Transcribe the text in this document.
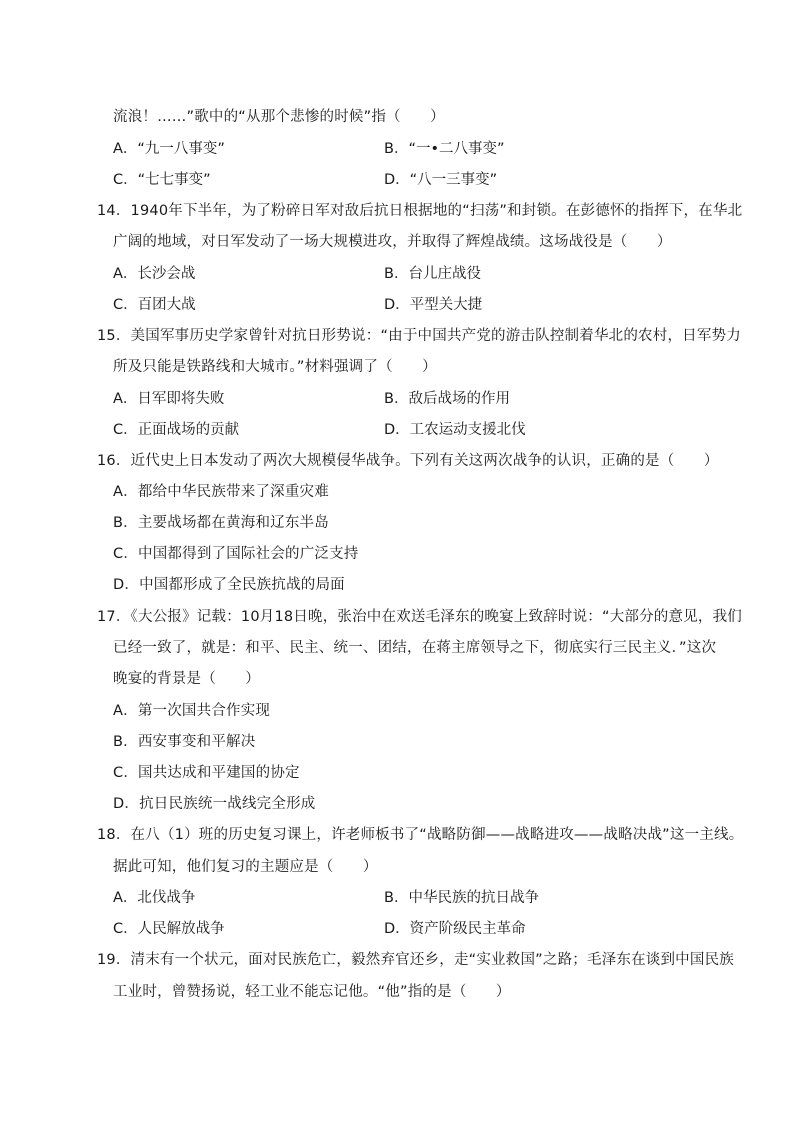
流浪！……”歌中的“从那个悲惨的时候”指（　　）
A．“九一八事变”	B．“一•二八事变”
C．“七七事变”	D．“八一三事变”
14．1940年下半年，为了粉碎日军对敌后抗日根据地的“扫荡”和封锁。在彭德怀的指挥下，在华北
广阔的地域，对日军发动了一场大规模进攻，并取得了辉煌战绩。这场战役是（　　）
A．长沙会战	B．台儿庄战役
C．百团大战	D．平型关大捷
15．美国军事历史学家曾针对抗日形势说：“由于中国共产党的游击队控制着华北的农村，日军势力
所及只能是铁路线和大城市。”材料强调了（　　）
A．日军即将失败	B．敌后战场的作用
C．正面战场的贡献	D．工农运动支援北伐
16．近代史上日本发动了两次大规模侵华战争。下列有关这两次战争的认识，正确的是（　　）
A．都给中华民族带来了深重灾难
B．主要战场都在黄海和辽东半岛
C．中国都得到了国际社会的广泛支持
D．中国都形成了全民族抗战的局面
17．《大公报》记载：10月18日晚，张治中在欢送毛泽东的晚宴上致辞时说：“大部分的意见，我们
已经一致了，就是：和平、民主、统一、团结，在蒋主席领导之下，彻底实行三民主义．”这次
晚宴的背景是（　　）
A．第一次国共合作实现
B．西安事变和平解决
C．国共达成和平建国的协定
D．抗日民族统一战线完全形成
18．在八（1）班的历史复习课上，许老师板书了“战略防御——战略进攻——战略决战”这一主线。
据此可知，他们复习的主题应是（　　）
A．北伐战争	B．中华民族的抗日战争
C．人民解放战争	D．资产阶级民主革命
19．清末有一个状元，面对民族危亡，毅然弃官还乡，走“实业救国”之路；毛泽东在谈到中国民族
工业时，曾赞扬说，轻工业不能忘记他。“他”指的是（　　）
